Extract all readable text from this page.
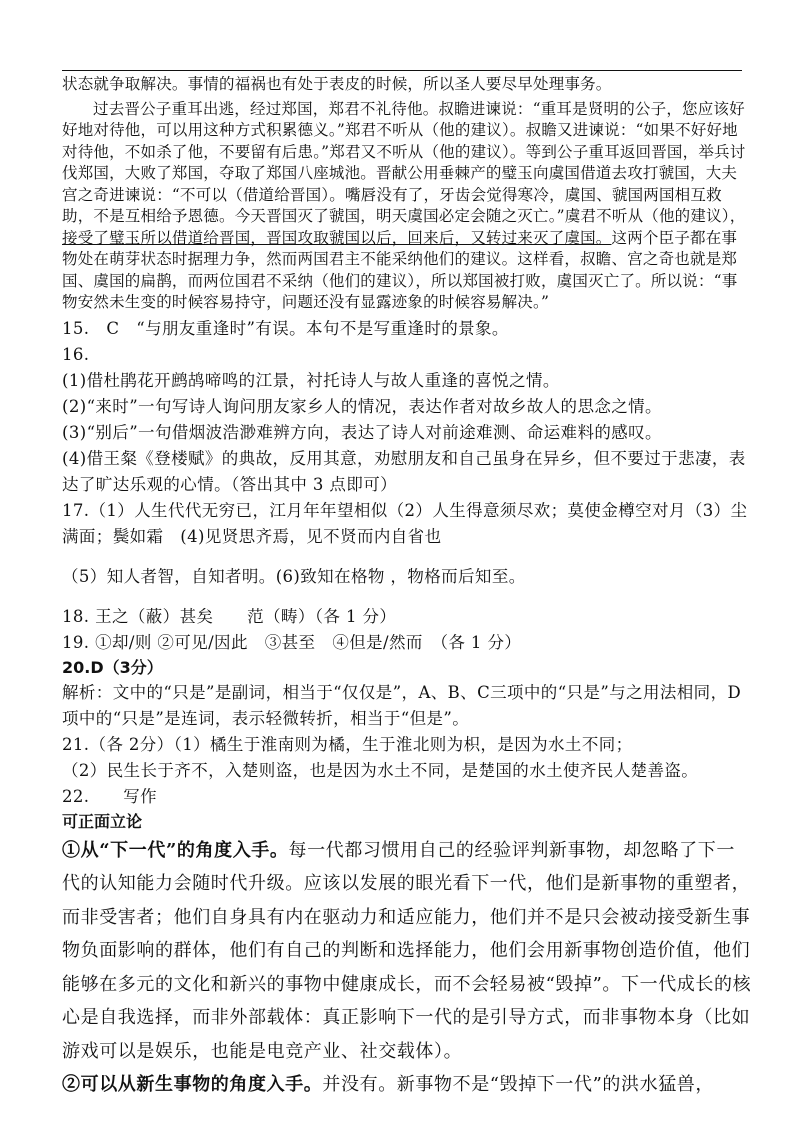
状态就争取解决。事情的福祸也有处于表皮的时候，所以圣人要尽早处理事务。

过去晋公子重耳出逃，经过郑国，郑君不礼待他。叔瞻进谏说：“重耳是贤明的公子，您应该好好地对待他，可以用这种方式积累德义。”郑君不听从（他的建议）。叔瞻又进谏说：“如果不好好地对待他，不如杀了他，不要留有后患。”郑君又不听从（他的建议）。等到公子重耳返回晋国，举兵讨伐郑国，大败了郑国，夺取了郑国八座城池。晋献公用垂棘产的璧玉向虞国借道去攻打虢国，大夫宫之奇进谏说：“不可以（借道给晋国）。嘴唇没有了，牙齿会觉得寒冷，虞国、虢国两国相互救助，不是互相给予恩德。今天晋国灭了虢国，明天虞国必定会随之灭亡。”虞君不听从（他的建议），接受了璧玉所以借道给晋国，晋国攻取虢国以后，回来后，又转过来灭了虞国。这两个臣子都在事物处在萌芽状态时据理力争，然而两国君主不能采纳他们的建议。这样看，叔瞻、宫之奇也就是郑国、虞国的扁鹊，而两位国君不采纳（他们的建议），所以郑国被打败，虞国灭亡了。所以说：“事物安然未生变的时候容易持守，问题还没有显露迹象的时候容易解决。”

15.　C　“与朋友重逢时”有误。本句不是写重逢时的景象。

16.

(1)借杜鹃花开鹧鸪啼鸣的江景，衬托诗人与故人重逢的喜悦之情。

(2)“来时”一句写诗人询问朋友家乡人的情况，表达作者对故乡故人的思念之情。

(3)“别后”一句借烟波浩渺难辨方向，表达了诗人对前途难测、命运难料的感叹。

(4)借王粲《登楼赋》的典故，反用其意，劝慰朋友和自己虽身在异乡，但不要过于悲凄，表达了旷达乐观的心情。（答出其中 3 点即可）

17.（1）人生代代无穷已，江月年年望相似（2）人生得意须尽欢；莫使金樽空对月（3）尘满面；鬓如霜　(4)见贤思齐焉，见不贤而内自省也

（5）知人者智，自知者明。(6)致知在格物 ，物格而后知至。

18. 王之（蔽）甚矣　　范（畴）（各 1 分）

19. ①却/则 ②可见/因此　③甚至　④但是/然而　（各 1 分）

20.D（3分）

解析：文中的“只是”是副词，相当于“仅仅是”，A、B、C三项中的“只是”与之用法相同，D项中的“只是”是连词，表示轻微转折，相当于“但是”。

21.（各 2分）（1）橘生于淮南则为橘，生于淮北则为枳，是因为水土不同；

（2）民生长于齐不，入楚则盗，也是因为水土不同，是楚国的水土使齐民人楚善盗。

22.　　写作

可正面立论

①从“下一代”的角度入手。每一代都习惯用自己的经验评判新事物，却忽略了下一代的认知能力会随时代升级。应该以发展的眼光看下一代，他们是新事物的重塑者，而非受害者；他们自身具有内在驱动力和适应能力，他们并不是只会被动接受新生事物负面影响的群体，他们有自己的判断和选择能力，他们会用新事物创造价值，他们能够在多元的文化和新兴的事物中健康成长，而不会轻易被“毁掉”。下一代成长的核心是自我选择，而非外部载体：真正影响下一代的是引导方式，而非事物本身（比如游戏可以是娱乐，也能是电竞产业、社交载体）。

②可以从新生事物的角度入手。并没有。新事物不是“毁掉下一代”的洪水猛兽，
